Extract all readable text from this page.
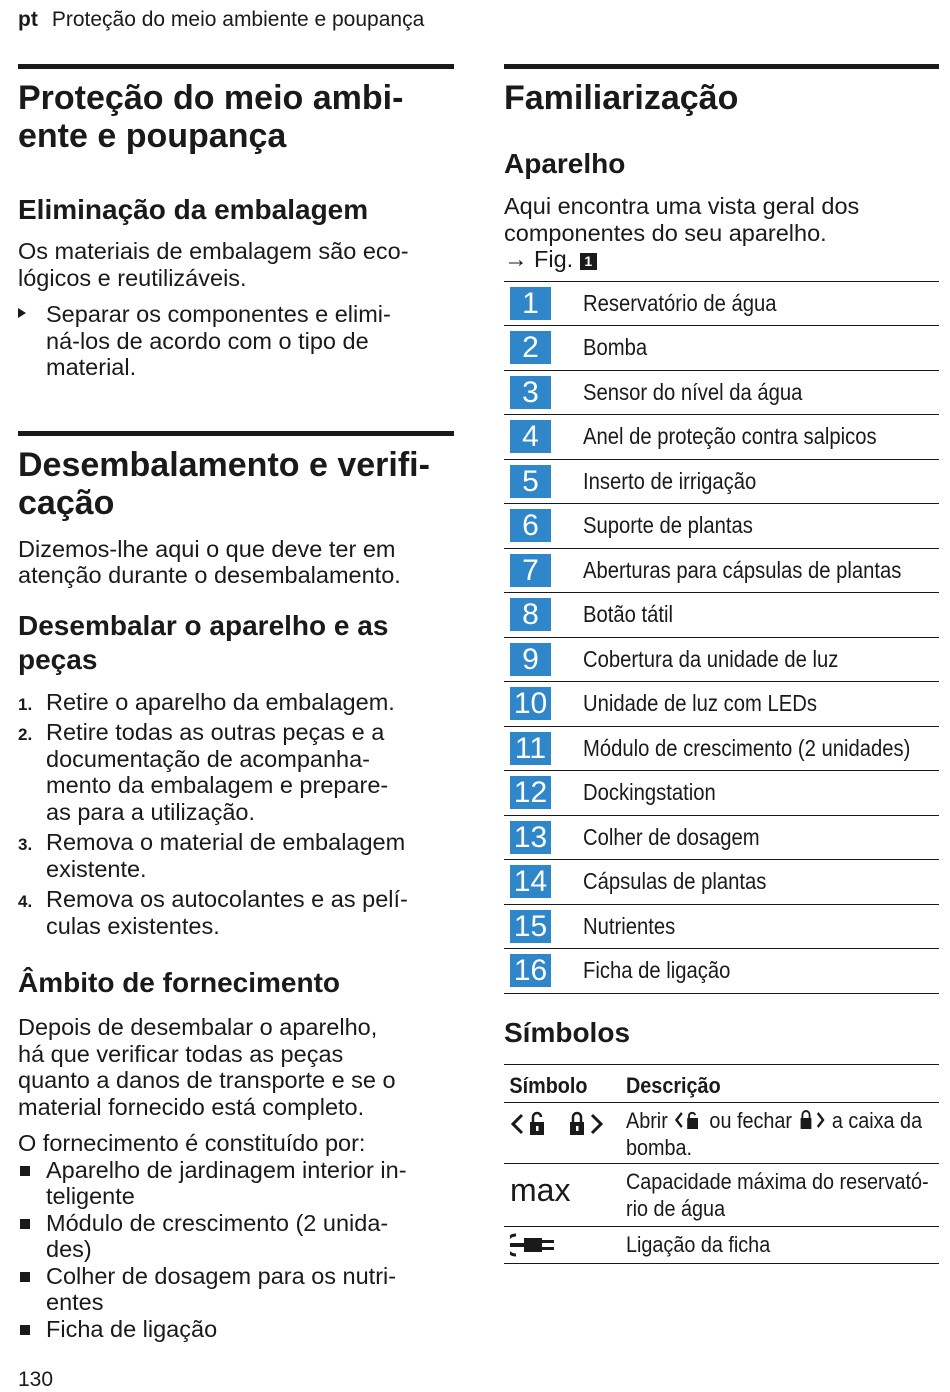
pt Proteção do meio ambiente e poupança
Proteção do meio ambi-
ente e poupança
Eliminação da embalagem

Os materiais de embalagem são eco-
lógicos e reutilizáveis.

Separar os componentes e elimi-
ná-los de acordo com o tipo de
material.
Desembalamento e verifi-
cação

Dizemos-lhe aqui o que deve ter em
atenção durante o desembalamento.

Desembalar o aparelho e as
peças
1. Retire o aparelho da embalagem.
2. Retire todas as outras peças e a
documentação de acompanha-
mento da embalagem e prepare-
as para a utilização.
3. Remova o material de embalagem
existente.
4. Remova os autocolantes e as pelí-
culas existentes.
Âmbito de fornecimento

Depois de desembalar o aparelho,
há que verificar todas as peças
quanto a danos de transporte e se o
material fornecido está completo.

O fornecimento é constituído por:

Aparelho de jardinagem interior in-
teligente
Módulo de crescimento (2 unida-
des)
Colher de dosagem para os nutri-
entes
Ficha de ligação
Familiarização
Aparelho

Aqui encontra uma vista geral dos
componentes do seu aparelho.
→ Fig. 1

1	Reservatório de água
2	Bomba
3	Sensor do nível da água
4	Anel de proteção contra salpicos
5	Inserto de irrigação
6	Suporte de plantas
7	Aberturas para cápsulas de plantas
8	Botão tátil
9	Cobertura da unidade de luz
10 Unidade de luz com LEDs
11 Módulo de crescimento (2 unidades)
12 Dockingstation
13 Colher de dosagem
14 Cápsulas de plantas
15 Nutrientes
16 Ficha de ligação
Símbolos
Símbolo	Descrição
Abrir ou fechar a caixa da
bomba.
max	Capacidade máxima do reservató-
rio de água
Ligação da ficha
130
